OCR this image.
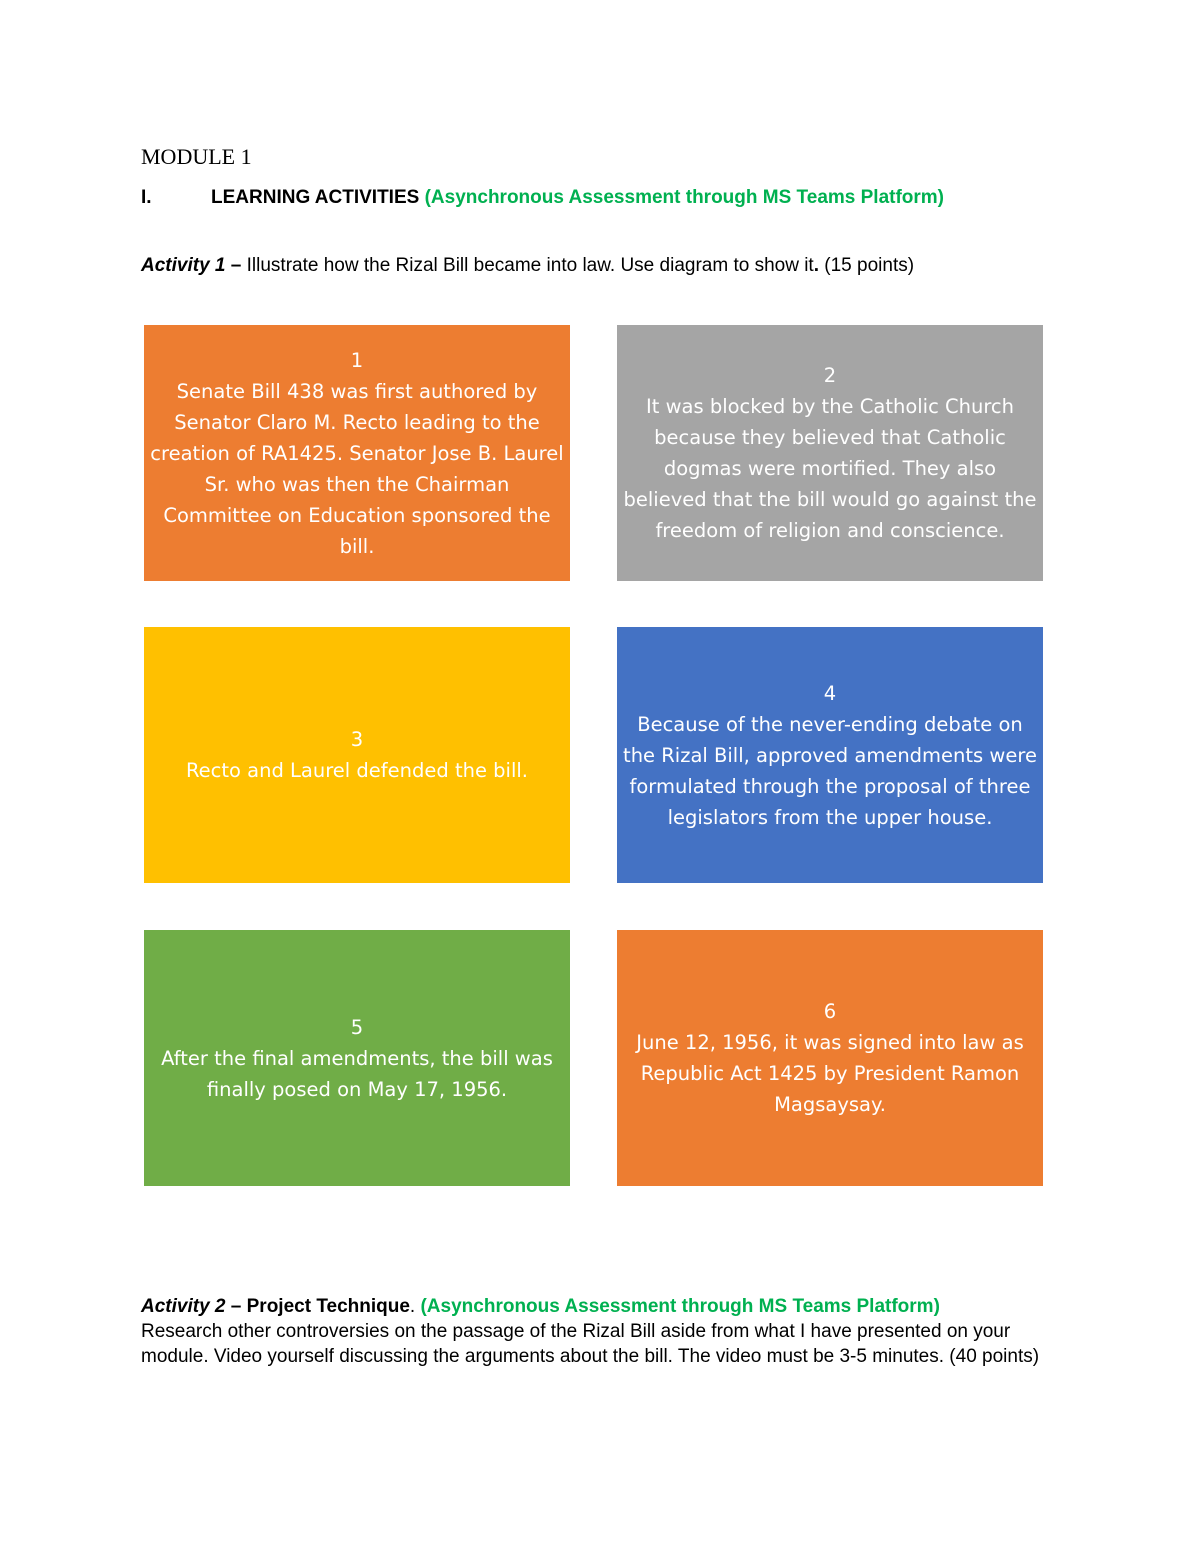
MODULE 1
I.	LEARNING ACTIVITIES (Asynchronous Assessment through MS Teams Platform)

Activity 1 – Illustrate how the Rizal Bill became into law. Use diagram to show it. (15 points)

1
Senate Bill 438 was first authored by Senator Claro M. Recto leading to the creation of RA1425. Senator Jose B. Laurel Sr. who was then the Chairman Committee on Education sponsored the bill.
2
It was blocked by the Catholic Church because they believed that Catholic dogmas were mortified. They also believed that the bill would go against the freedom of religion and conscience.
3
Recto and Laurel defended the bill.
4
Because of the never-ending debate on the Rizal Bill, approved amendments were formulated through the proposal of three legislators from the upper house.
5
After the final amendments, the bill was finally posed on May 17, 1956.
6
June 12, 1956, it was signed into law as Republic Act 1425 by President Ramon Magsaysay.

Activity 2 – Project Technique. (Asynchronous Assessment through MS Teams Platform)
Research other controversies on the passage of the Rizal Bill aside from what I have presented on your module. Video yourself discussing the arguments about the bill. The video must be 3-5 minutes. (40 points)
